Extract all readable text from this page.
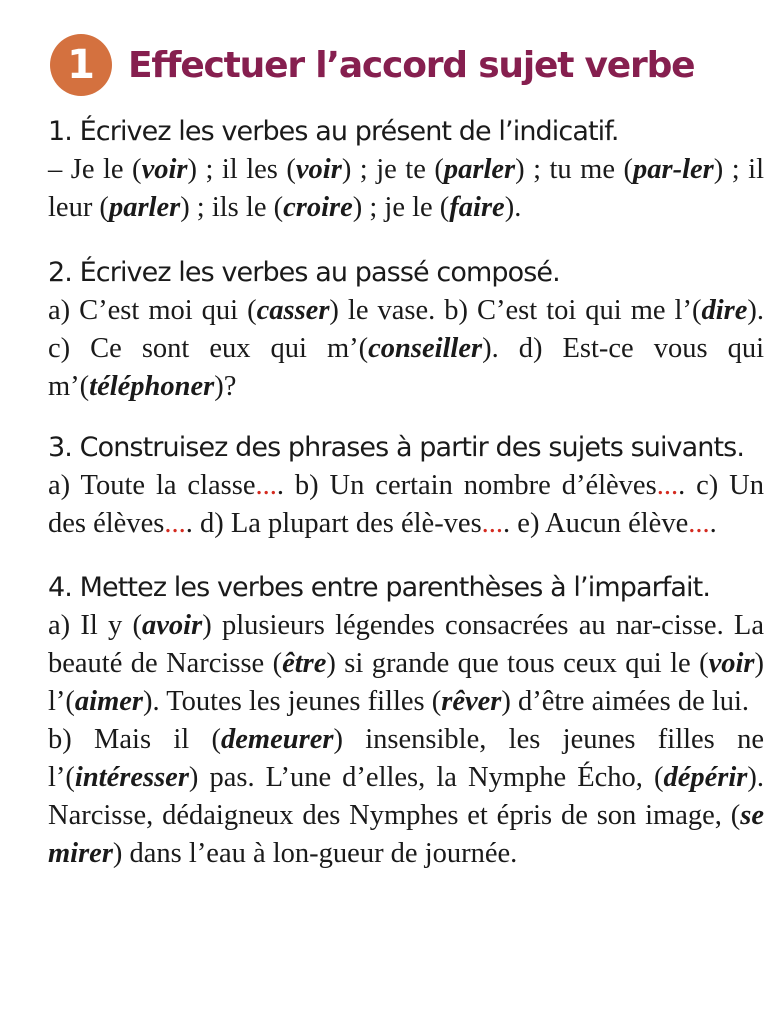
1 Effectuer l’accord sujet verbe
1. Écrivez les verbes au présent de l’indicatif.
– Je le (voir) ; il les (voir) ; je te (parler) ; tu me (par-ler) ; il leur (parler) ; ils le (croire) ; je le (faire).
2. Écrivez les verbes au passé composé.
a) C’est moi qui (casser) le vase. b) C’est toi qui me l’(dire). c) Ce sont eux qui m’(conseiller). d) Est-ce vous qui m’(téléphoner)?
3. Construisez des phrases à partir des sujets suivants.
a) Toute la classe.... b) Un certain nombre d’élèves.... c) Un des élèves.... d) La plupart des élè-ves.... e) Aucun élève....
4. Mettez les verbes entre parenthèses à l’imparfait.
a) Il y (avoir) plusieurs légendes consacrées au nar-cisse. La beauté de Narcisse (être) si grande que tous ceux qui le (voir) l’(aimer). Toutes les jeunes filles (rêver) d’être aimées de lui.
b) Mais il (demeurer) insensible, les jeunes filles ne l’(intéresser) pas. L’une d’elles, la Nymphe Écho, (dépérir). Narcisse, dédaigneux des Nymphes et épris de son image, (se mirer) dans l’eau à lon-gueur de journée.
